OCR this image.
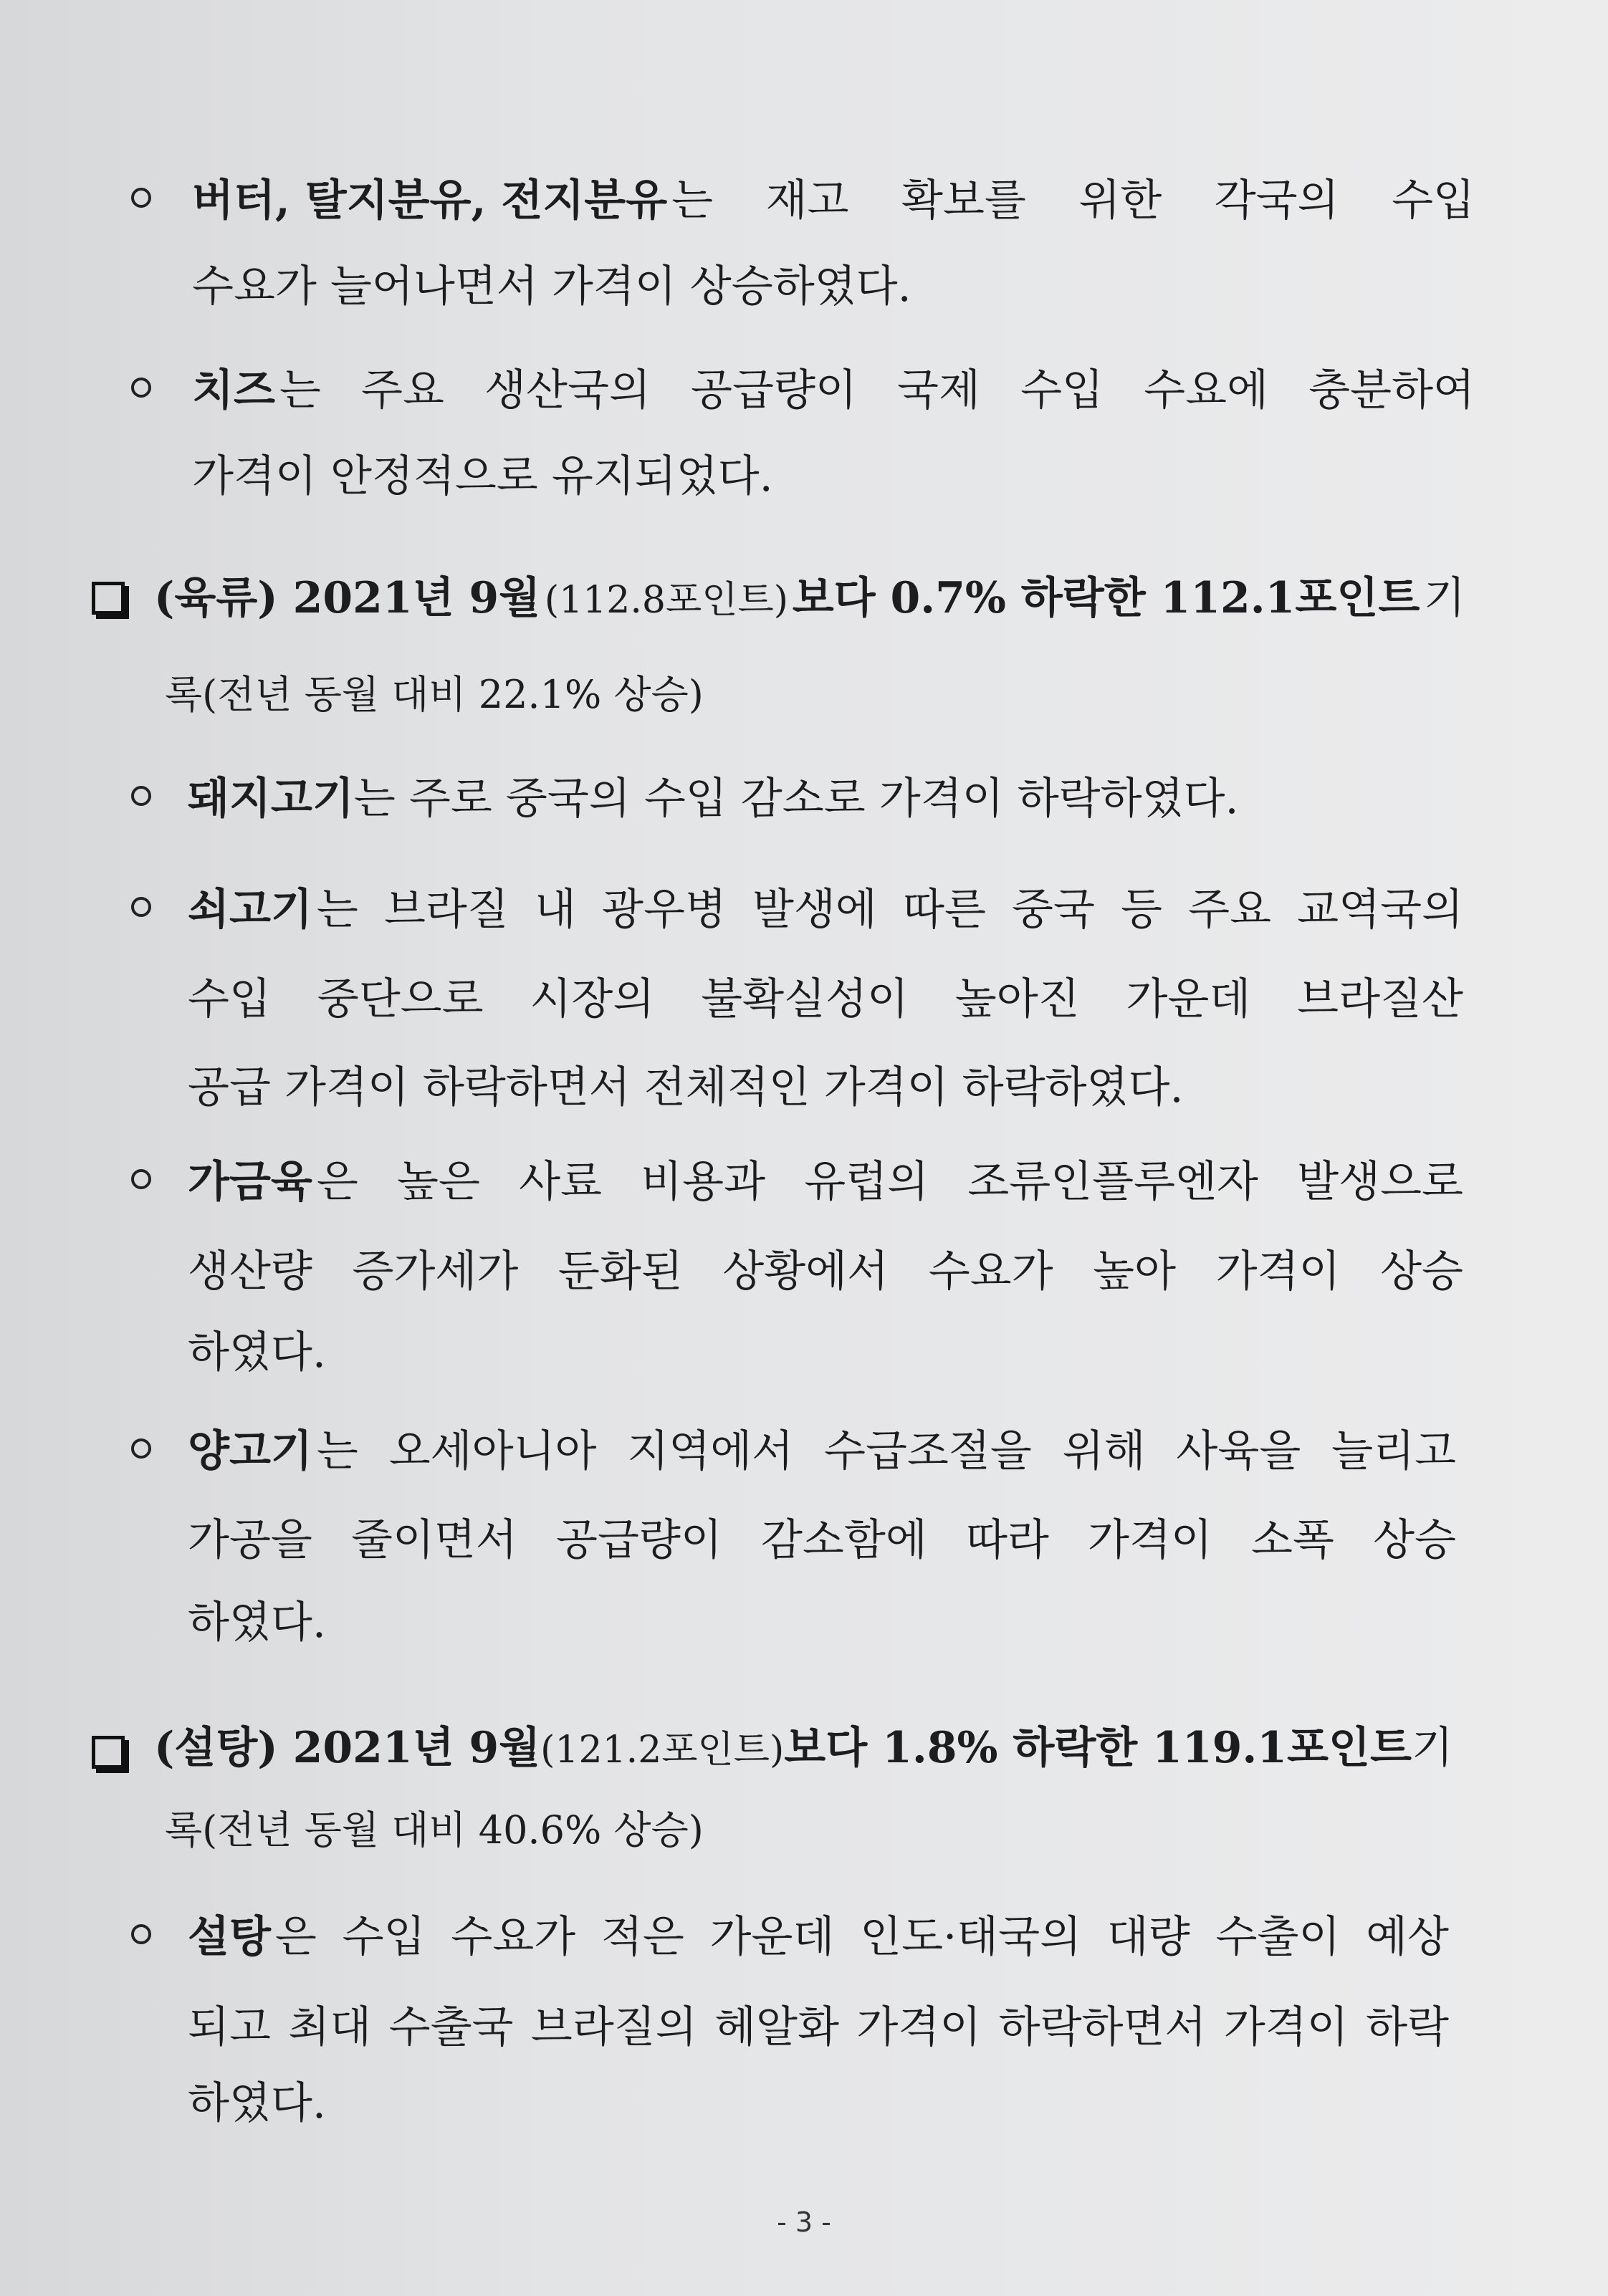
버터, 탈지분유, 전지분유 는 재고 확보를 위한 각국의 수입
수요가 늘어나면서 가격이 상승하였다.
치즈 는 주요 생산국의 공급량이 국제 수입 수요에 충분하여
가격이 안정적으로 유지되었다.
(육류) 2021년 9월 (112.8포인트) 보다 0.7% 하락한 112.1포인트 기
록(전년 동월 대비 22.1% 상승)
돼지고기 는 주로 중국의 수입 감소로 가격이 하락하였다.
쇠고기 는 브라질 내 광우병 발생에 따른 중국 등 주요 교역국의
수입 중단으로 시장의 불확실성이 높아진 가운데 브라질산
공급 가격이 하락하면서 전체적인 가격이 하락하였다.
가금육 은 높은 사료 비용과 유럽의 조류인플루엔자 발생으로
생산량 증가세가 둔화된 상황에서 수요가 높아 가격이 상승
하였다.
양고기 는 오세아니아 지역에서 수급조절을 위해 사육을 늘리고
가공을 줄이면서 공급량이 감소함에 따라 가격이 소폭 상승
하였다.
(설탕) 2021년 9월 (121.2포인트) 보다 1.8% 하락한 119.1포인트 기
록(전년 동월 대비 40.6% 상승)
설탕 은 수입 수요가 적은 가운데 인도·태국의 대량 수출이 예상
되고 최대 수출국 브라질의 헤알화 가격이 하락하면서 가격이 하락
하였다.
- 3 -
